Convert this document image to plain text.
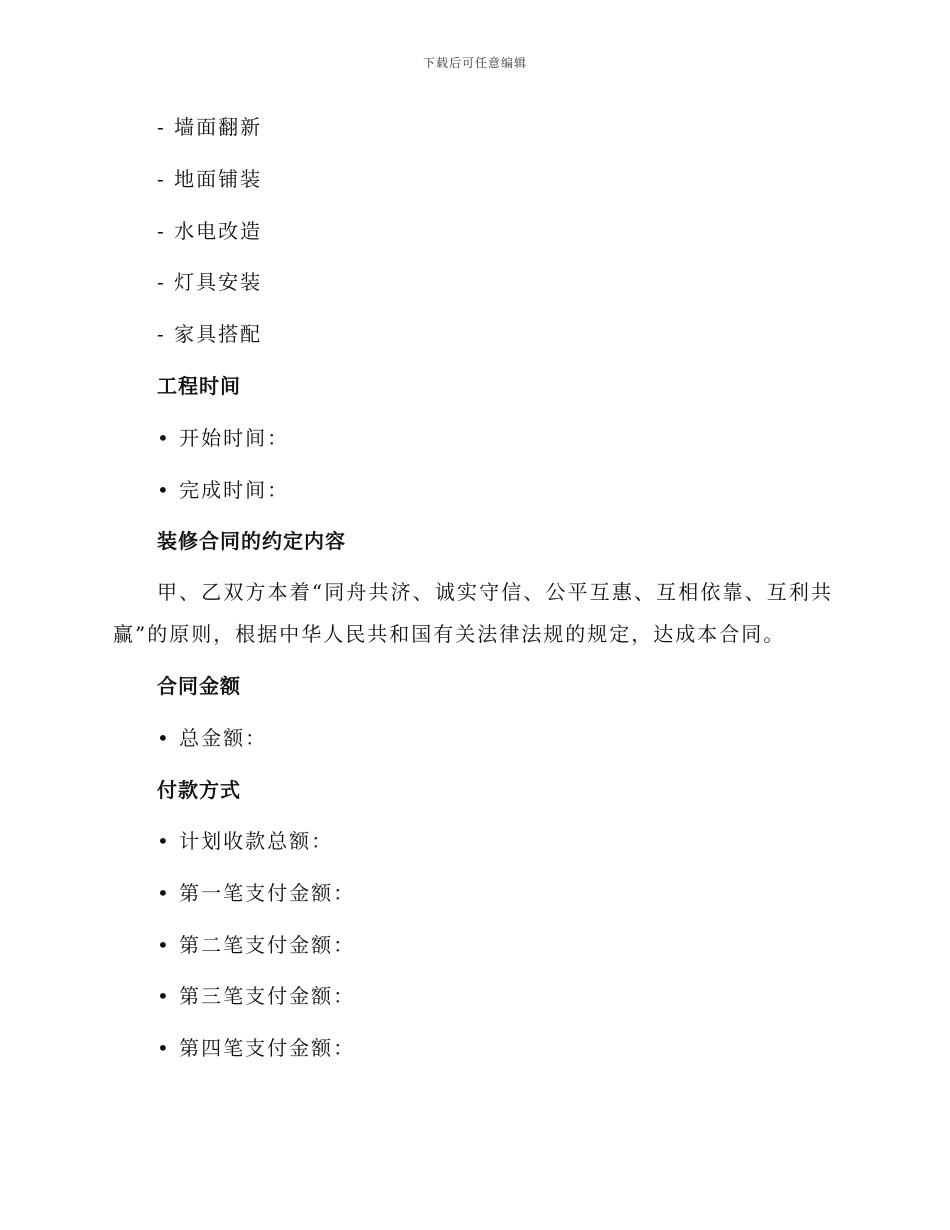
下载后可任意编辑
- 墙面翻新
- 地面铺装
- 水电改造
- 灯具安装
- 家具搭配
工程时间
• 开始时间：
• 完成时间：
装修合同的约定内容
甲、乙双方本着“同舟共济、诚实守信、公平互惠、互相依靠、互利共赢”的原则，根据中华人民共和国有关法律法规的规定，达成本合同。
合同金额
• 总金额：
付款方式
• 计划收款总额：
• 第一笔支付金额：
• 第二笔支付金额：
• 第三笔支付金额：
• 第四笔支付金额：
